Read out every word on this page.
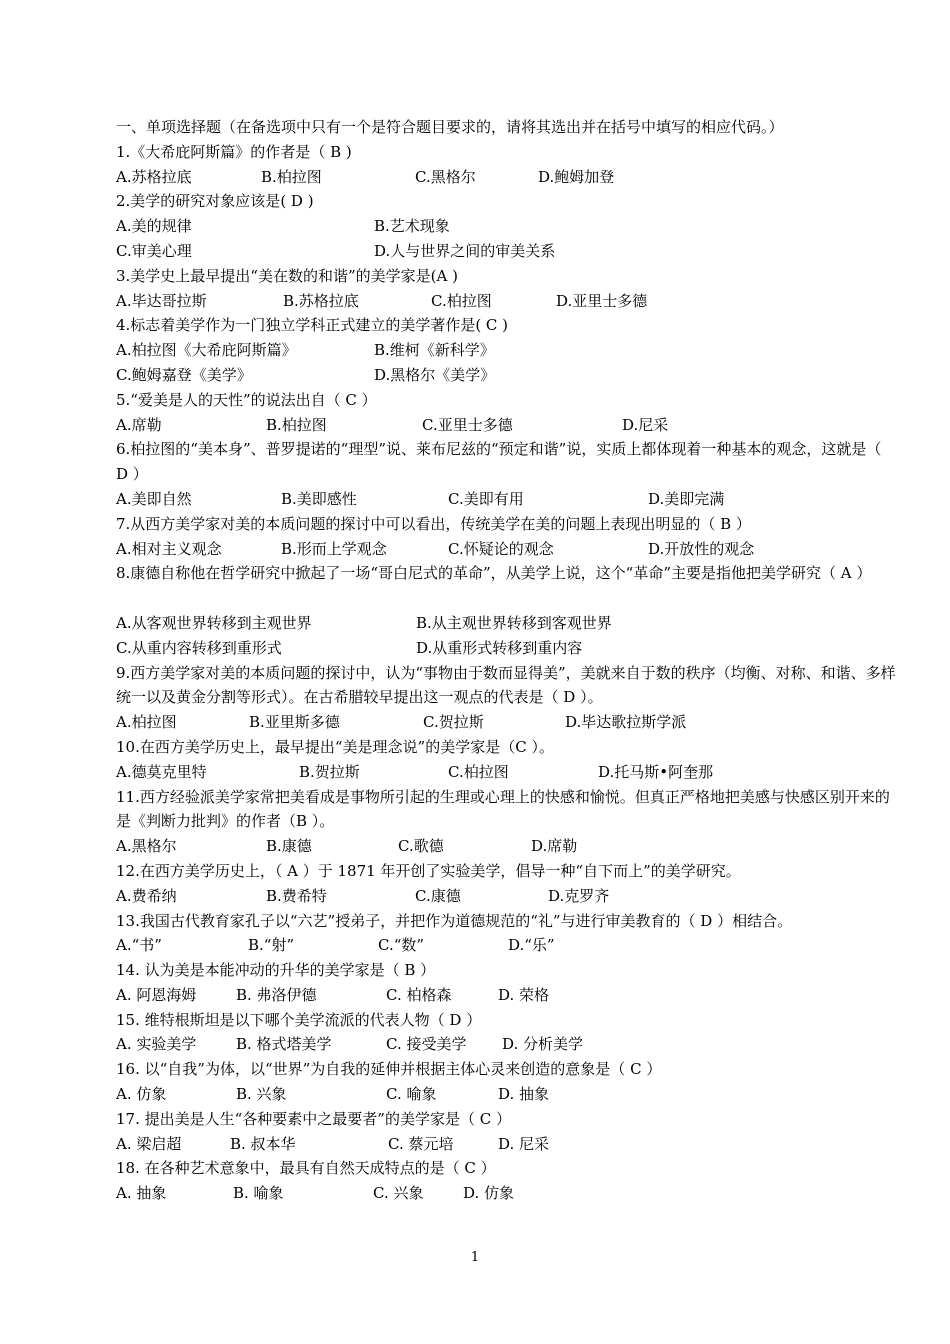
一、单项选择题（在备选项中只有一个是符合题目要求的，请将其选出并在括号中填写的相应代码。）
1.《大希庇阿斯篇》的作者是（ B )
A.苏格拉底	B.柏拉图	C.黑格尔	D.鲍姆加登
2.美学的研究对象应该是( D )
A.美的规律	B.艺术现象
C.审美心理	D.人与世界之间的审美关系
3.美学史上最早提出“美在数的和谐”的美学家是(A )
A.毕达哥拉斯	B.苏格拉底	C.柏拉图	D.亚里士多德
4.标志着美学作为一门独立学科正式建立的美学著作是( C )
A.柏拉图《大希庇阿斯篇》	B.维柯《新科学》
C.鲍姆嘉登《美学》	D.黑格尔《美学》
5.“爱美是人的天性”的说法出自（ C ）
A.席勒	B.柏拉图	C.亚里士多德	D.尼采
6.柏拉图的“美本身”、普罗提诺的“理型”说、莱布尼兹的“预定和谐”说，实质上都体现着一种基本的观念，这就是（ D ）
A.美即自然	B.美即感性	C.美即有用	D.美即完满
7.从西方美学家对美的本质问题的探讨中可以看出，传统美学在美的问题上表现出明显的（ B ）
A.相对主义观念	B.形而上学观念	C.怀疑论的观念	D.开放性的观念
8.康德自称他在哲学研究中掀起了一场“哥白尼式的革命”，从美学上说，这个“革命”主要是指他把美学研究（ A ）
A.从客观世界转移到主观世界	B.从主观世界转移到客观世界
C.从重内容转移到重形式	D.从重形式转移到重内容
9.西方美学家对美的本质问题的探讨中，认为“事物由于数而显得美”，美就来自于数的秩序（均衡、对称、和谐、多样统一以及黄金分割等形式）。在古希腊较早提出这一观点的代表是（ D ）。
A.柏拉图	B.亚里斯多德	C.贺拉斯	D.毕达歌拉斯学派
10.在西方美学历史上，最早提出“美是理念说”的美学家是（C ）。
A.德莫克里特	B.贺拉斯	C.柏拉图	D.托马斯•阿奎那
11.西方经验派美学家常把美看成是事物所引起的生理或心理上的快感和愉悦。但真正严格地把美感与快感区别开来的是《判断力批判》的作者（B ）。
A.黑格尔	B.康德	C.歌德	D.席勒
12.在西方美学历史上，（ A ）于 1871 年开创了实验美学，倡导一种“自下而上”的美学研究。
A.费希纳	B.费希特	C.康德	D.克罗齐
13.我国古代教育家孔子以“六艺”授弟子，并把作为道德规范的“礼”与进行审美教育的（ D ）相结合。
A.“书”	B.“射”	C.“数”	D.“乐”
14. 认为美是本能冲动的升华的美学家是（ B ）
A. 阿恩海姆	B. 弗洛伊德	C. 柏格森	D. 荣格
15. 维特根斯坦是以下哪个美学流派的代表人物（ D ）
A. 实验美学	B. 格式塔美学	C. 接受美学 D. 分析美学
16. 以“自我”为体，以“世界”为自我的延伸并根据主体心灵来创造的意象是（ C ）
A. 仿象	B. 兴象	C. 喻象	D. 抽象
17. 提出美是人生“各种要素中之最要者”的美学家是（ C ）
A. 梁启超	B. 叔本华	C. 蔡元培	D. 尼采
18. 在各种艺术意象中，最具有自然天成特点的是（ C ）
A. 抽象	B. 喻象	C. 兴象	D. 仿象
1
